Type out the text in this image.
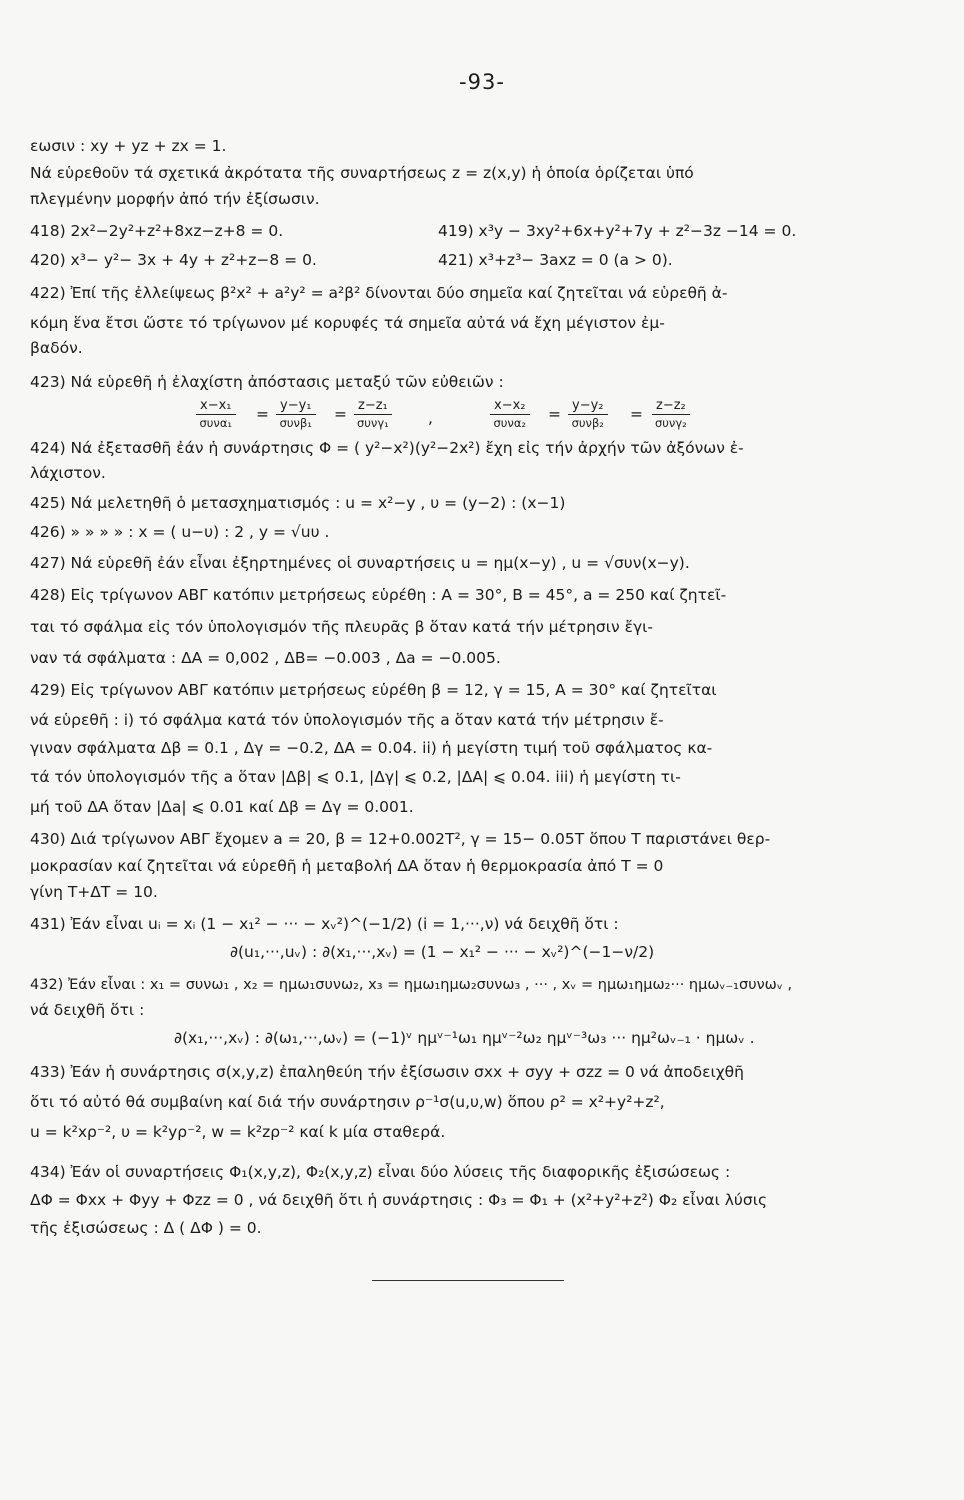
-93-
εωσιν : xy + yz + zx = 1.
Νά εὑρεθοῦν τά σχετικά ἀκρότατα τῆς συναρτήσεως z = z(x,y) ἡ ὁποία ὁρίζεται ὑπό
πλεγμένην μορφήν ἀπό τήν ἐξίσωσιν.
418) 2x²−2y²+z²+8xz−z+8 = 0.	419) x³y − 3xy²+6x+y²+7y + z²−3z −14 = 0.
420) x³− y²− 3x + 4y + z²+z−8 = 0.	421) x³+z³− 3axz = 0 (a > 0).
422) Ἐπί τῆς ἐλλείψεως β²x² + a²y² = a²β² δίνονται δύο σημεῖα καί ζητεῖται νά εὑρεθῆ ἀ-
κόμη ἕνα ἔτσι ὥστε τό τρίγωνον μέ κορυφές τά σημεῖα αὐτά νά ἔχη μέγιστον ἐμ-
βαδόν.
423) Νά εὑρεθῆ ἡ ἐλαχίστη ἀπόστασις μεταξύ τῶν εὐθειῶν :
x−x₁
συνα₁ = y−y₁
συνβ₁ = z−z₁
συνγ₁	,
x−x₂
συνα₂ = y−y₂
συνβ₂ =	z−z₂
συνγ₂
424) Νά ἐξετασθῆ ἐάν ἡ συνάρτησις Φ = ( y²−x²)(y²−2x²) ἔχη εἰς τήν ἀρχήν τῶν ἀξόνων ἐ-
λάχιστον.
425) Νά μελετηθῆ ὁ μετασχηματισμός : u = x²−y , υ = (y−2) : (x−1)
426) » » » » : x = ( u−υ) : 2 , y = √uυ .
427) Νά εὑρεθῆ ἐάν εἶναι ἐξηρτημένες οἱ συναρτήσεις u = ημ(x−y) , u = √συν(x−y).
428) Εἰς τρίγωνον ΑΒΓ κατόπιν μετρήσεως εὑρέθη : A = 30°, B = 45°, a = 250 καί ζητεῖ-
ται τό σφάλμα εἰς τόν ὑπολογισμόν τῆς πλευρᾶς β ὅταν κατά τήν μέτρησιν ἔγι-
ναν τά σφάλματα : ΔΑ = 0,002 , ΔΒ= −0.003 , Δa = −0.005.
429) Εἰς τρίγωνον ΑΒΓ κατόπιν μετρήσεως εὑρέθη β = 12, γ = 15, A = 30° καί ζητεῖται
νά εὑρεθῆ : i) τό σφάλμα κατά τόν ὑπολογισμόν τῆς a ὅταν κατά τήν μέτρησιν ἔ-
γιναν σφάλματα Δβ = 0.1 , Δγ = −0.2, ΔΑ = 0.04. ii) ἡ μεγίστη τιμή τοῦ σφάλματος κα-
τά τόν ὑπολογισμόν τῆς a ὅταν |Δβ| ⩽ 0.1, |Δγ| ⩽ 0.2, |ΔΑ| ⩽ 0.04. iii) ἡ μεγίστη τι-
μή τοῦ ΔΑ ὅταν |Δa| ⩽ 0.01 καί Δβ = Δγ = 0.001.
430) Διά τρίγωνον ΑΒΓ ἔχομεν a = 20, β = 12+0.002T², γ = 15− 0.05T ὅπου T παριστάνει θερ-
μοκρασίαν καί ζητεῖται νά εὑρεθῆ ἡ μεταβολή ΔΑ ὅταν ἡ θερμοκρασία ἀπό T = 0
γίνη T+ΔT = 10.
431) Ἐάν εἶναι uᵢ = xᵢ (1 − x₁² − ··· − xᵥ²)^(−1/2) (i = 1,···,ν) νά δειχθῆ ὅτι :
∂(u₁,···,uᵥ) : ∂(x₁,···,xᵥ) = (1 − x₁² − ··· − xᵥ²)^(−1−ν/2)
432) Ἐάν εἶναι : x₁ = συνω₁ , x₂ = ημω₁συνω₂, x₃ = ημω₁ημω₂συνω₃ , ··· , xᵥ = ημω₁ημω₂··· ημωᵥ₋₁συνωᵥ ,
νά δειχθῆ ὅτι :
∂(x₁,···,xᵥ) : ∂(ω₁,···,ωᵥ) = (−1)ᵛ ημᵛ⁻¹ω₁ ημᵛ⁻²ω₂ ημᵛ⁻³ω₃ ··· ημ²ωᵥ₋₁ · ημωᵥ .
433) Ἐάν ἡ συνάρτησις σ(x,y,z) ἐπαληθεύη τήν ἐξίσωσιν σxx + σyy + σzz = 0 νά ἀποδειχθῆ
ὅτι τό αὐτό θά συμβαίνη καί διά τήν συνάρτησιν ρ⁻¹σ(u,υ,w) ὅπου ρ² = x²+y²+z²,
u = k²xρ⁻², υ = k²yρ⁻², w = k²zρ⁻² καί k μία σταθερά.
434) Ἐάν οἱ συναρτήσεις Φ₁(x,y,z), Φ₂(x,y,z) εἶναι δύο λύσεις τῆς διαφορικῆς ἐξισώσεως :
ΔΦ = Φxx + Φyy + Φzz = 0 , νά δειχθῆ ὅτι ἡ συνάρτησις : Φ₃ = Φ₁ + (x²+y²+z²) Φ₂ εἶναι λύσις
τῆς ἐξισώσεως : Δ ( ΔΦ ) = 0.
